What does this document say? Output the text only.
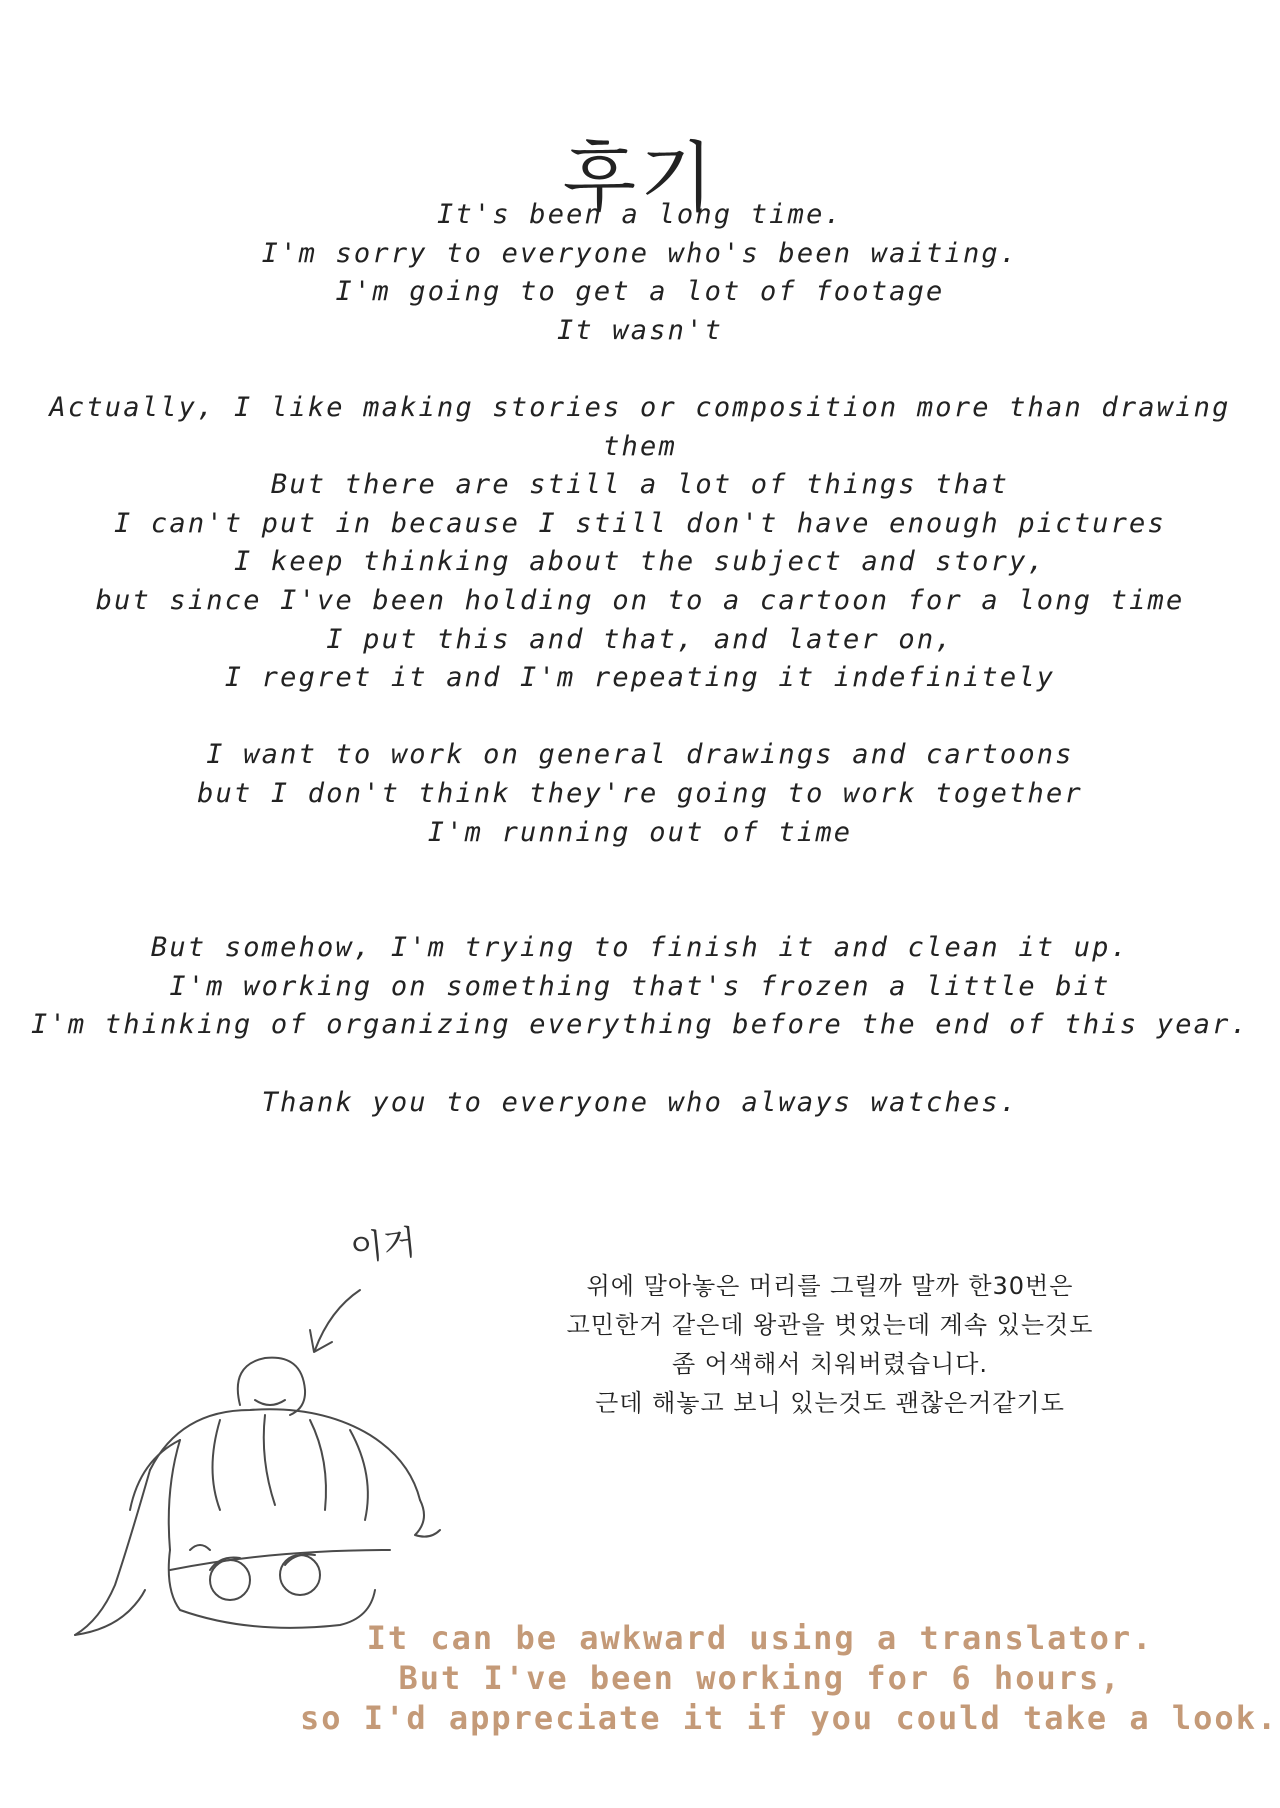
후기
It's been a long time.
I'm sorry to everyone who's been waiting.
I'm going to get a lot of footage
It wasn't
Actually, I like making stories or composition more than drawing
them
But there are still a lot of things that
I can't put in because I still don't have enough pictures
I keep thinking about the subject and story,
but since I've been holding on to a cartoon for a long time
I put this and that, and later on,
I regret it and I'm repeating it indefinitely
I want to work on general drawings and cartoons
but I don't think they're going to work together
I'm running out of time
But somehow, I'm trying to finish it and clean it up.
I'm working on something that's frozen a little bit
I'm thinking of organizing everything before the end of this year.
Thank you to everyone who always watches.
이거
위에 말아놓은 머리를 그릴까 말까 한30번은
고민한거 같은데 왕관을 벗었는데 계속 있는것도
좀 어색해서 치워버렸습니다.
근데 해놓고 보니 있는것도 괜찮은거같기도
It can be awkward using a translator.
But I've been working for 6 hours,
so I'd appreciate it if you could take a look.
